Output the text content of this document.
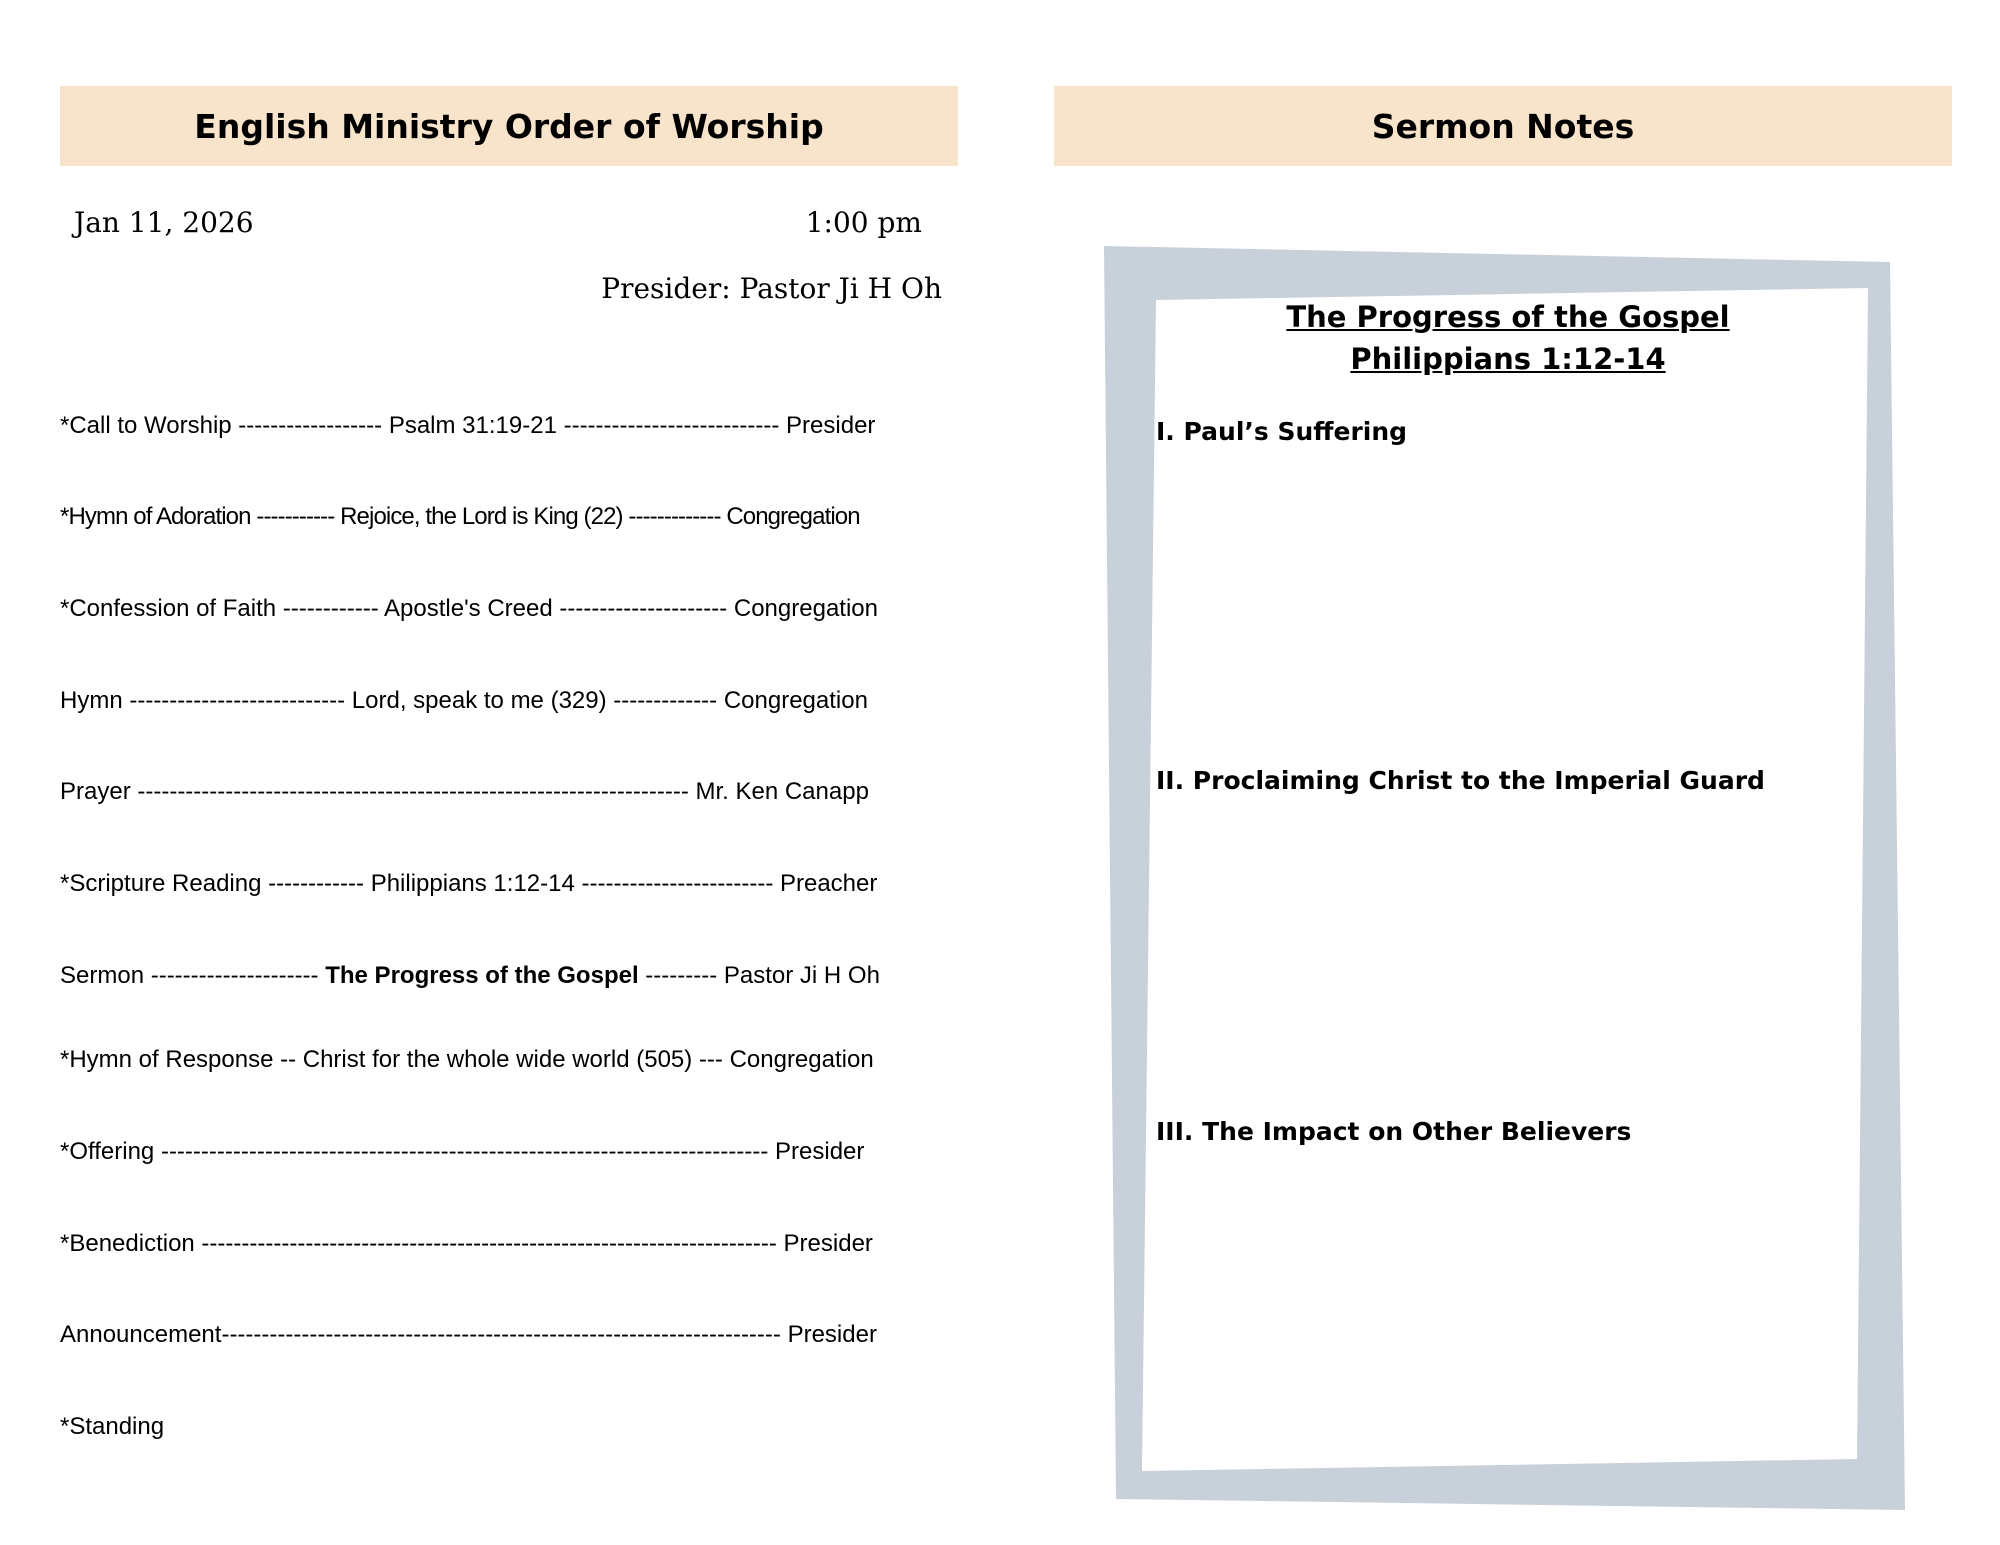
English Ministry Order of Worship
Jan 11, 2026	1:00 pm
Presider: Pastor Ji H Oh
*Call to Worship ------------------ Psalm 31:19-21 --------------------------- Presider
*Hymn of Adoration ----------- Rejoice, the Lord is King (22) ------------- Congregation
*Confession of Faith ------------ Apostle's Creed --------------------- Congregation
Hymn --------------------------- Lord, speak to me (329) ------------- Congregation
Prayer --------------------------------------------------------------------- Mr. Ken Canapp
*Scripture Reading ------------ Philippians 1:12-14 ------------------------ Preacher
Sermon --------------------- The Progress of the Gospel --------- Pastor Ji H Oh
*Hymn of Response -- Christ for the whole wide world (505) --- Congregation
*Offering ---------------------------------------------------------------------------- Presider
*Benediction ------------------------------------------------------------------------ Presider
Announcement---------------------------------------------------------------------- Presider
*Standing
Sermon Notes
The Progress of the Gospel
Philippians 1:12-14
I. Paul’s Suffering
II. Proclaiming Christ to the Imperial Guard
III. The Impact on Other Believers
